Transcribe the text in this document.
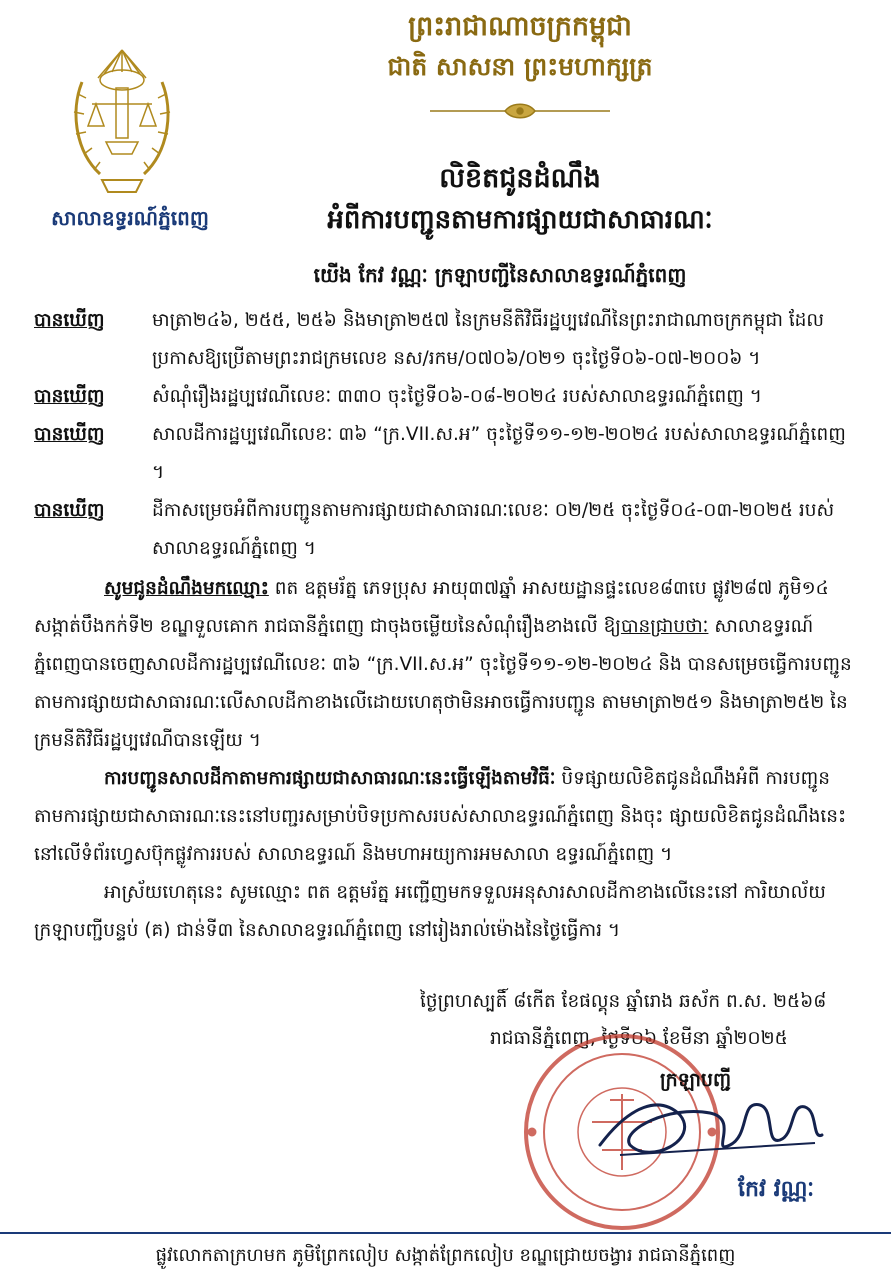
សាលាឧទ្ធរណ៍ភ្នំពេញ
ព្រះរាជាណាចក្រកម្ពុជា
ជាតិ សាសនា ព្រះមហាក្សត្រ
លិខិតជូនដំណឹង
អំពីការបញ្ជូនតាមការផ្សាយជាសាធារណៈ
យើង កែវ វណ្ណៈ ក្រឡាបញ្ជីនៃសាលាឧទ្ធរណ៍ភ្នំពេញ
បានឃើញ	មាត្រា២៤៦, ២៥៥, ២៥៦ និងមាត្រា២៥៧ នៃក្រមនីតិវិធីរដ្ឋប្បវេណីនៃព្រះរាជាណាចក្រកម្ពុជា ដែលប្រកាសឱ្យប្រើតាមព្រះរាជក្រមលេខ នស/រកម/០៧០៦/០២១ ចុះថ្ងៃទី០៦-០៧-២០០៦ ។
បានឃើញ	សំណុំរឿងរដ្ឋប្បវេណីលេខៈ ៣៣០ ចុះថ្ងៃទី០៦-០៨-២០២៤ របស់សាលាឧទ្ធរណ៍ភ្នំពេញ ។
បានឃើញ	សាលដីការដ្ឋប្បវេណីលេខៈ ៣៦ “ក្រ.VII.ស.អ” ចុះថ្ងៃទី១១-១២-២០២៤ របស់សាលាឧទ្ធរណ៍ភ្នំពេញ ។
បានឃើញ	ដីកាសម្រេចអំពីការបញ្ជូនតាមការផ្សាយជាសាធារណៈលេខៈ ០២/២៥ ចុះថ្ងៃទី០៤-០៣-២០២៥ របស់សាលាឧទ្ធរណ៍ភ្នំពេញ ។
សូមជូនដំណឹងមកឈ្មោះ ពត ឧត្តមរ័ត្ន ភេទប្រុស អាយុ៣៧ឆ្នាំ អាសយដ្ឋានផ្ទះលេខ៨៣បេ ផ្លូវ២៨៧ ភូមិ១៤ សង្កាត់បឹងកក់ទី២ ខណ្ឌទួលគោក រាជធានីភ្នំពេញ ជាចុងចម្លើយនៃសំណុំរឿងខាងលើ ឱ្យបានជ្រាបថាៈ សាលាឧទ្ធរណ៍ភ្នំពេញបានចេញសាលដីការដ្ឋប្បវេណីលេខៈ ៣៦ “ក្រ.VII.ស.អ” ចុះថ្ងៃទី១១-១២-២០២៤ និង បានសម្រេចធ្វើការបញ្ជូនតាមការផ្សាយជាសាធារណៈលើសាលដីកាខាងលើដោយហេតុថាមិនអាចធ្វើការបញ្ជូន តាមមាត្រា២៥១ និងមាត្រា២៥២ នៃក្រមនីតិវិធីរដ្ឋប្បវេណីបានឡើយ ។
ការបញ្ជូនសាលដីកាតាមការផ្សាយជាសាធារណៈនេះធ្វើឡើងតាមវិធីៈ បិទផ្សាយលិខិតជូនដំណឹងអំពី ការបញ្ជូនតាមការផ្សាយជាសាធារណៈនេះនៅបញ្ជរសម្រាប់បិទប្រកាសរបស់សាលាឧទ្ធរណ៍ភ្នំពេញ និងចុះ ផ្សាយលិខិតជូនដំណឹងនេះនៅលើទំព័រហ្វេសប៊ុកផ្លូវការរបស់ សាលាឧទ្ធរណ៍ និងមហាអយ្យការអមសាលា ឧទ្ធរណ៍ភ្នំពេញ ។
អាស្រ័យហេតុនេះ សូមឈ្មោះ ពត ឧត្តមរ័ត្ន អញ្ជើញមកទទួលអនុសារសាលដីកាខាងលើនេះនៅ ការិយាល័យក្រឡាបញ្ជីបន្ទប់ (គ) ជាន់ទី៣ នៃសាលាឧទ្ធរណ៍ភ្នំពេញ នៅរៀងរាល់ម៉ោងនៃថ្ងៃធ្វើការ ។
ថ្ងៃព្រហស្បតិ៍ ៨កើត ខែផល្គុន ឆ្នាំរោង ឆស័ក ព.ស. ២៥៦៨
រាជធានីភ្នំពេញ, ថ្ងៃទី០៦ ខែមីនា ឆ្នាំ២០២៥
ក្រឡាបញ្ជី
កែវ វណ្ណៈ
ផ្លូវលោកតាក្រហមក ភូមិព្រែកលៀប សង្កាត់ព្រែកលៀប ខណ្ឌជ្រោយចង្វារ រាជធានីភ្នំពេញ
